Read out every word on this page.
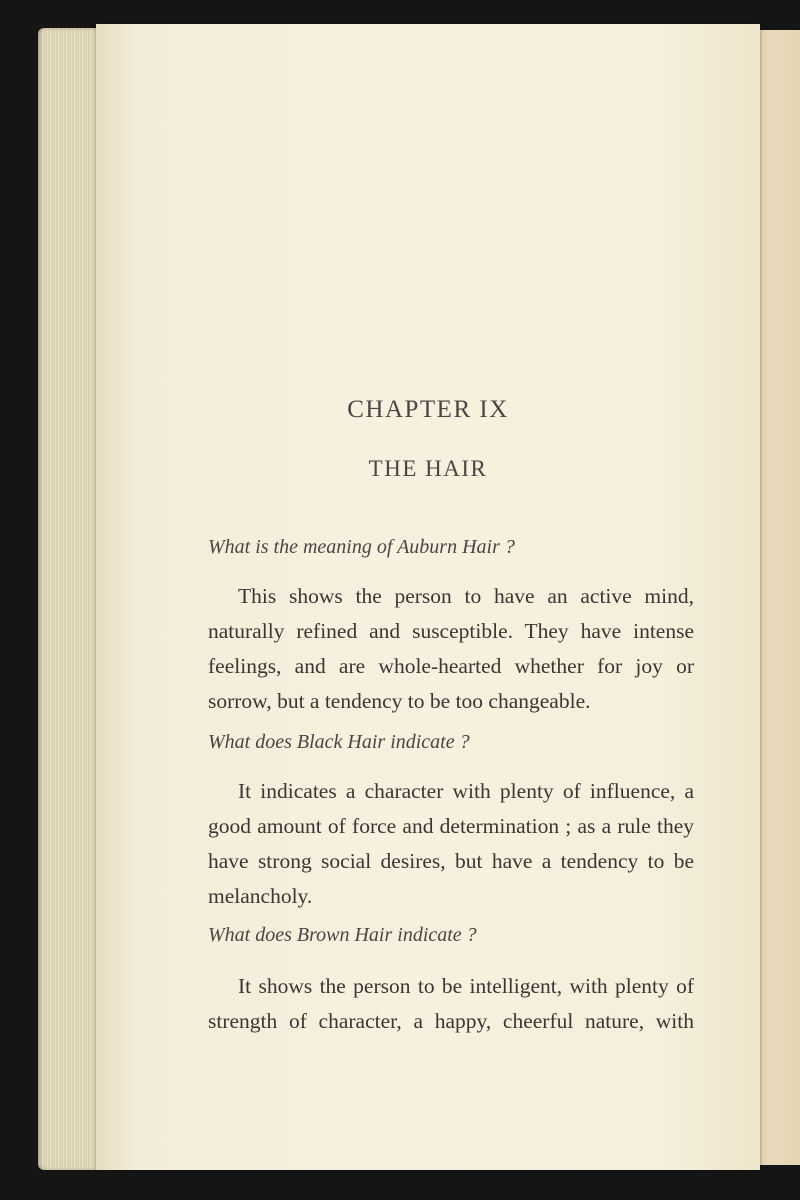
CHAPTER IX
THE HAIR
What is the meaning of Auburn Hair ?
This shows the person to have an active mind,
naturally refined and susceptible. They have intense
feelings, and are whole-hearted whether for joy or
sorrow, but a tendency to be too changeable.
What does Black Hair indicate ?
It indicates a character with plenty of influence, a
good amount of force and determination ; as a rule they
have strong social desires, but have a tendency to be
melancholy.
What does Brown Hair indicate ?
It shows the person to be intelligent, with plenty of
strength of character, a happy, cheerful nature, with
